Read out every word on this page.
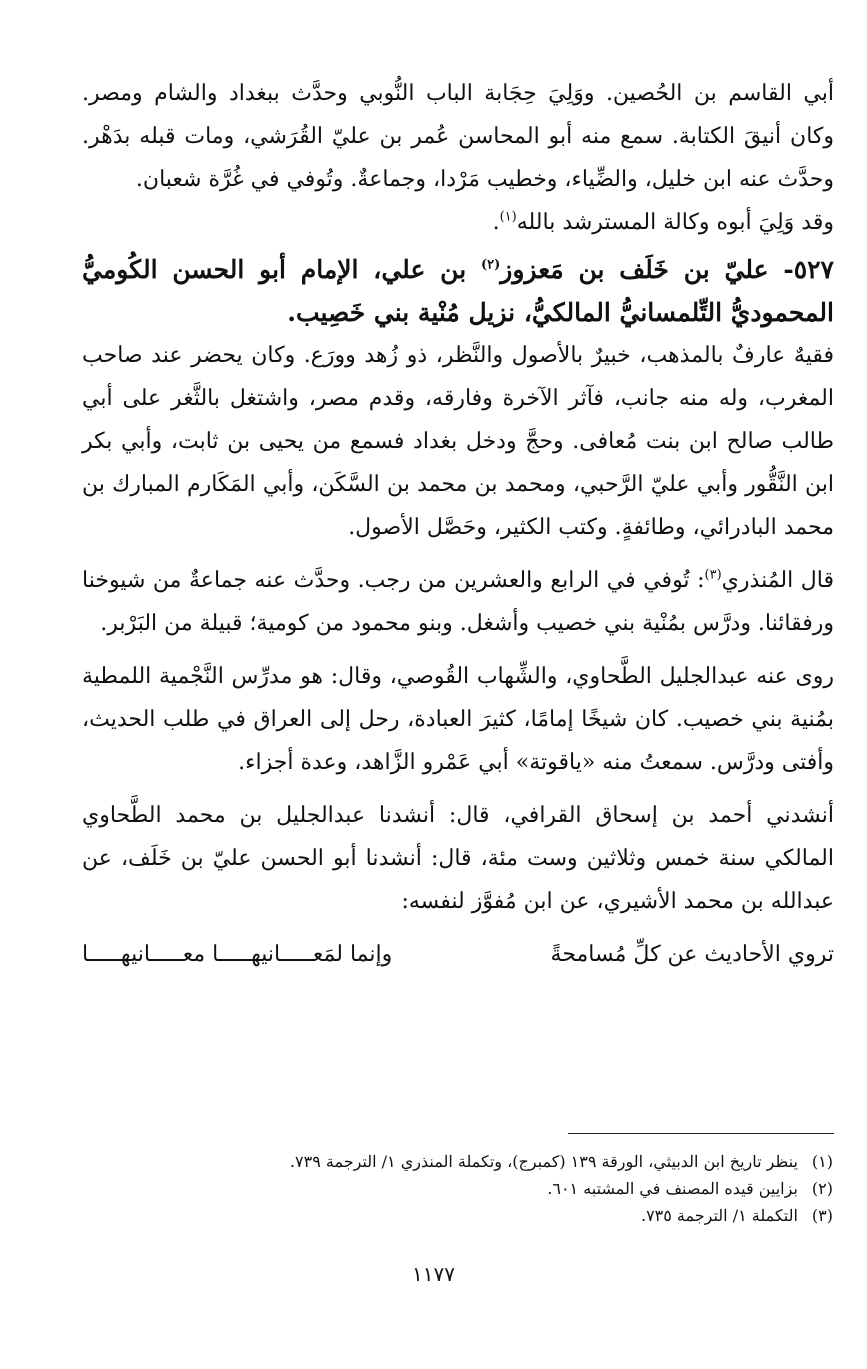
أبي القاسم بن الحُصين. ووَلِيَ حِجَابة الباب النُّوبي وحدَّث ببغداد والشام ومصر. وكان أنيقَ الكتابة. سمع منه أبو المحاسن عُمر بن عليّ القُرَشي، ومات قبله بدَهْر. وحدَّث عنه ابن خليل، والضِّياء، وخطيب مَرْدا، وجماعةٌ. وتُوفي في غُرَّة شعبان.

وقد وَلِيَ أبوه وكالة المسترشد بالله$^{(١)}$.

٥٢٧- عليّ بن خَلَف بن مَعزوز$^{(٢)}$ بن علي، الإمام أبو الحسن الكُوميُّ المحموديُّ التِّلمسانيُّ المالكيُّ، نزيل مُنْية بني خَصِيب.

فقيهٌ عارفٌ بالمذهب، خبيرٌ بالأصول والنَّظر، ذو زُهد وورَع. وكان يحضر عند صاحب المغرب، وله منه جانب، فآثر الآخرة وفارقه، وقدم مصر، واشتغل بالثَّغر على أبي طالب صالح ابن بنت مُعافى. وحجَّ ودخل بغداد فسمع من يحيى بن ثابت، وأبي بكر ابن النَّقُّور وأبي عليّ الرَّحبي، ومحمد بن محمد بن السَّكَن، وأبي المَكَارم المبارك بن محمد البادرائي، وطائفةٍ. وكتب الكثير، وحَصَّل الأصول.

قال المُنذري$^{(٣)}$: تُوفي في الرابع والعشرين من رجب. وحدَّث عنه جماعةٌ من شيوخنا ورفقائنا. ودرَّس بمُنْية بني خصيب وأشغل. وبنو محمود من كومية؛ قبيلة من البَرْبر.

روى عنه عبدالجليل الطَّحاوي، والشِّهاب القُوصي، وقال: هو مدرِّس النَّجْمية اللمطية بمُنية بني خصيب. كان شيخًا إمامًا، كثيرَ العبادة، رحل إلى العراق في طلب الحديث، وأفتى ودرَّس. سمعتُ منه «ياقوتة» أبي عَمْرو الزَّاهد، وعدة أجزاء.

أنشدني أحمد بن إسحاق القرافي، قال: أنشدنا عبدالجليل بن محمد الطَّحاوي المالكي سنة خمس وثلاثين وست مئة، قال: أنشدنا أبو الحسن عليّ بن خَلَف، عن عبدالله بن محمد الأشيري، عن ابن مُفوَّز لنفسه:

تروي الأحاديث عن كلِّ مُسامحةً
وإنما لمَعـــــانيهـــــا معـــــانيهـــــا
(١)
ينظر تاريخ ابن الدبيثي، الورقة ١٣٩ (كمبرج)، وتكملة المنذري ١/ الترجمة ٧٣٩.
(٢)
بزايين قيده المصنف في المشتبه ٦٠١.
(٣)
التكملة ١/ الترجمة ٧٣٥.
١١٧٧
